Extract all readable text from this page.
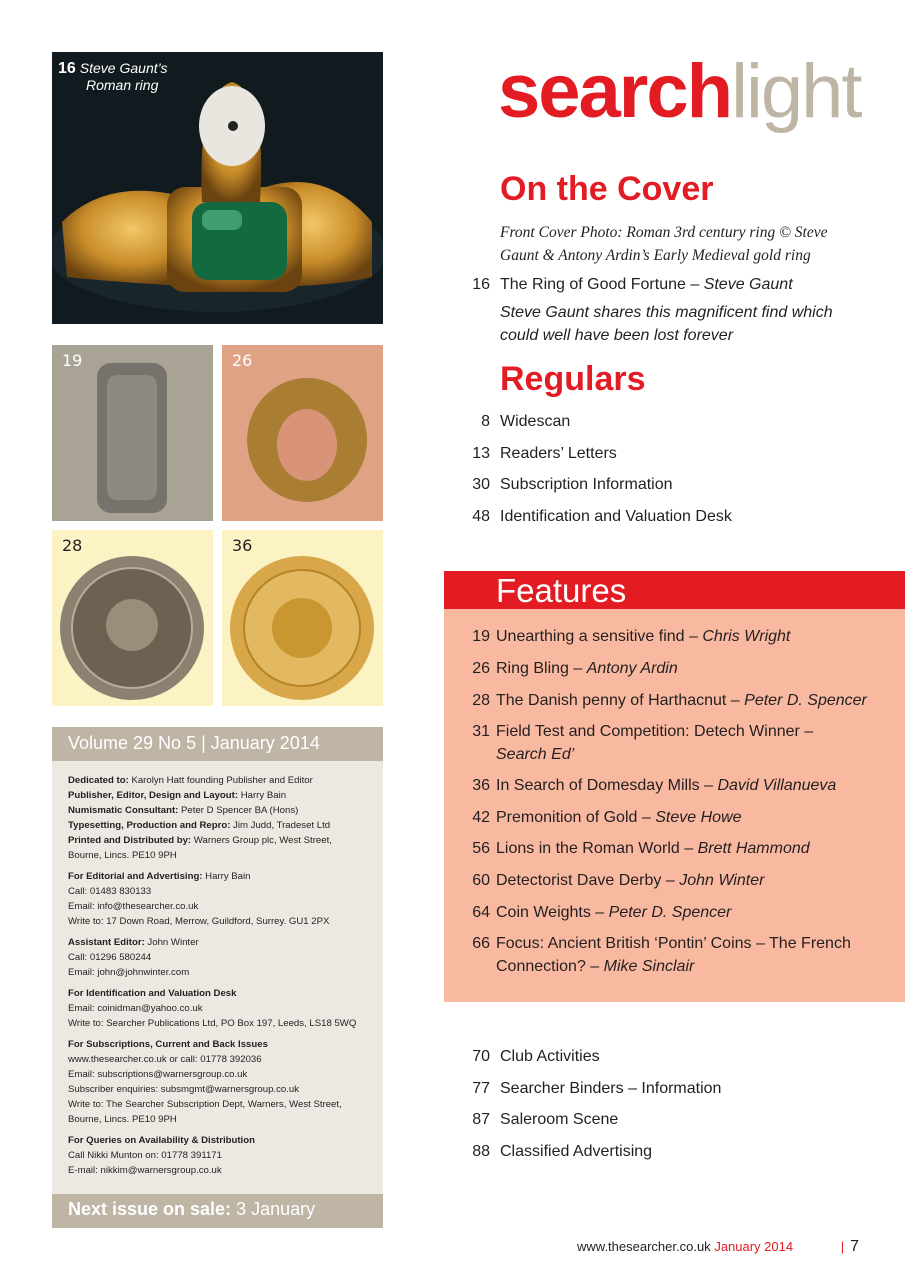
16 Steve Gaunt’s
Roman ring
19	26
28	36
Volume 29 No 5 | January 2014
Dedicated to: Karolyn Hatt founding Publisher and Editor
Publisher, Editor, Design and Layout: Harry Bain
Numismatic Consultant: Peter D Spencer BA (Hons)
Typesetting, Production and Repro: Jim Judd, Tradeset Ltd
Printed and Distributed by: Warners Group plc, West Street,
Bourne, Lincs. PE10 9PH
For Editorial and Advertising: Harry Bain
Call: 01483 830133
Email: info@thesearcher.co.uk
Write to: 17 Down Road, Merrow, Guildford, Surrey. GU1 2PX
Assistant Editor: John Winter
Call: 01296 580244
Email: john@johnwinter.com
For Identification and Valuation Desk
Email: coinidman@yahoo.co.uk
Write to: Searcher Publications Ltd, PO Box 197, Leeds, LS18 5WQ
For Subscriptions, Current and Back Issues
www.thesearcher.co.uk or call: 01778 392036
Email: subscriptions@warnersgroup.co.uk
Subscriber enquiries: subsmgmt@warnersgroup.co.uk
Write to: The Searcher Subscription Dept, Warners, West Street,
Bourne, Lincs. PE10 9PH
For Queries on Availability & Distribution
Call Nikki Munton on: 01778 391171
E-mail: nikkim@warnersgroup.co.uk
Next issue on sale: 3 January
searchlight
On the Cover
Front Cover Photo: Roman 3rd century ring © Steve Gaunt & Antony Ardin’s Early Medieval gold ring
16 The Ring of Good Fortune – Steve Gaunt
Steve Gaunt shares this magnificent find which could well have been lost forever
Regulars
8 Widescan
13 Readers’ Letters
30 Subscription Information
48 Identification and Valuation Desk
Features
19 Unearthing a sensitive find – Chris Wright
26 Ring Bling – Antony Ardin
28 The Danish penny of Harthacnut – Peter D. Spencer
31 Field Test and Competition: Detech Winner –
Search Ed’
36 In Search of Domesday Mills – David Villanueva
42 Premonition of Gold – Steve Howe
56 Lions in the Roman World – Brett Hammond
60 Detectorist Dave Derby – John Winter
64 Coin Weights – Peter D. Spencer
66 Focus: Ancient British ‘Pontin’ Coins – The French
Connection? – Mike Sinclair
70 Club Activities
77 Searcher Binders – Information
87 Saleroom Scene
88 Classified Advertising
www.thesearcher.co.uk January 2014	| 7
